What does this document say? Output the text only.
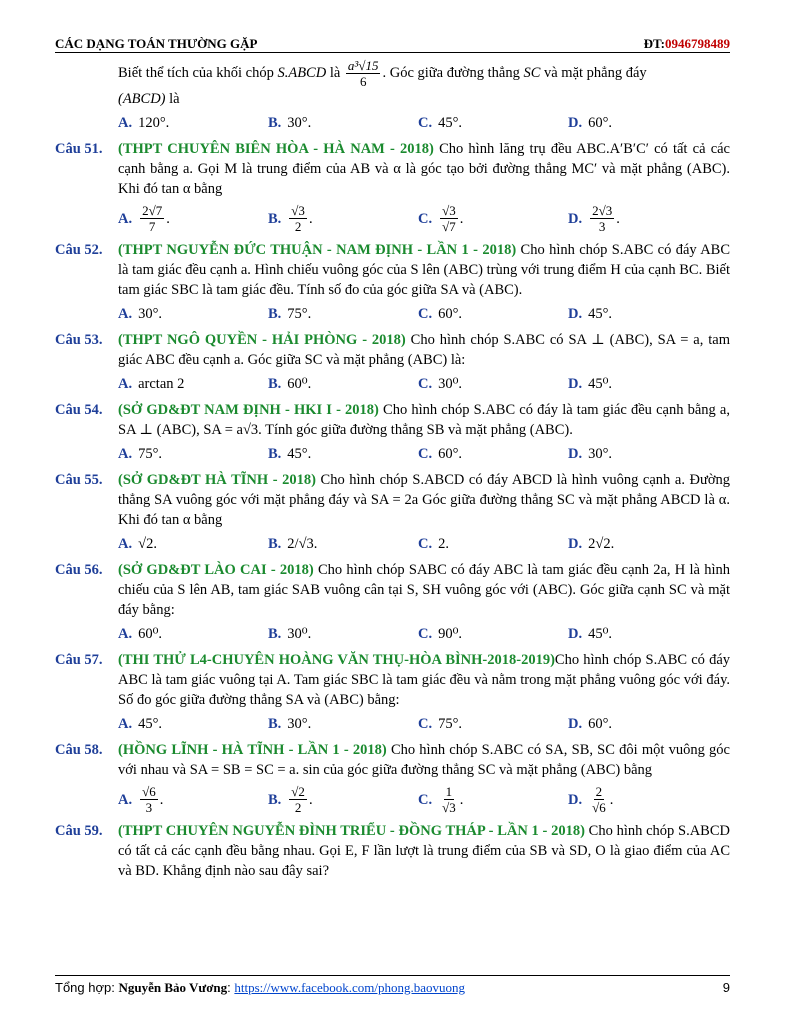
CÁC DẠNG TOÁN THƯỜNG GẶP	ĐT:0946798489
Biết thể tích của khối chóp S.ABCD là $\frac{\text{a³√15}}{6}$ . Góc giữa đường thẳng SC và mặt phẳng đáy
(ABCD) là
A. 120°.	B. 30°.	C. 45°.	D. 60°.
Câu 51. (THPT CHUYÊN BIÊN HÒA - HÀ NAM - 2018) Cho hình lăng trụ đều ABC.A′B′C′ có tất cả các cạnh bằng a. Gọi M là trung điểm của AB và α là góc tạo bởi đường thẳng MC′ và mặt phẳng (ABC). Khi đó tan α bằng
A. $\frac{2√7}{7}$ .	B. $\frac{√3}{2}$ .	C. $\frac{√3}{√7}$ .	D. $\frac{2√3}{3}$ .
Câu 52. (THPT NGUYỄN ĐỨC THUẬN - NAM ĐỊNH - LẦN 1 - 2018) Cho hình chóp S.ABC có đáy ABC là tam giác đều cạnh a. Hình chiếu vuông góc của S lên (ABC) trùng với trung điểm H của cạnh BC. Biết tam giác SBC là tam giác đều. Tính số đo của góc giữa SA và (ABC).
A. 30°.	B. 75°.	C. 60°.	D. 45°.
Câu 53. (THPT NGÔ QUYỀN - HẢI PHÒNG - 2018) Cho hình chóp S.ABC có SA ⊥ (ABC), SA = a, tam giác ABC đều cạnh a. Góc giữa SC và mặt phẳng (ABC) là:
A. arctan 2	B. 60⁰.	C. 30⁰.	D. 45⁰.
Câu 54. (SỞ GD&ĐT NAM ĐỊNH - HKI I - 2018) Cho hình chóp S.ABC có đáy là tam giác đều cạnh bằng a, SA ⊥ (ABC), SA = a√3. Tính góc giữa đường thẳng SB và mặt phẳng (ABC).
A. 75°.	B. 45°.	C. 60°.	D. 30°.
Câu 55. (SỞ GD&ĐT HÀ TĨNH - 2018) Cho hình chóp S.ABCD có đáy ABCD là hình vuông cạnh a. Đường thẳng SA vuông góc với mặt phẳng đáy và SA = 2a Góc giữa đường thẳng SC và mặt phẳng ABCD là α. Khi đó tan α bằng
A. √2.	B. 2/√3.	C. 2.	D. 2√2.
Câu 56. (SỞ GD&ĐT LÀO CAI - 2018) Cho hình chóp SABC có đáy ABC là tam giác đều cạnh 2a, H là hình chiếu của S lên AB, tam giác SAB vuông cân tại S, SH vuông góc với (ABC). Góc giữa cạnh SC và mặt đáy bằng:
A. 60⁰.	B. 30⁰.	C. 90⁰.	D. 45⁰.
Câu 57. (THI THỬ L4-CHUYÊN HOÀNG VĂN THỤ-HÒA BÌNH-2018-2019)Cho hình chóp S.ABC có đáy ABC là tam giác vuông tại A. Tam giác SBC là tam giác đều và nằm trong mặt phẳng vuông góc với đáy. Số đo góc giữa đường thẳng SA và (ABC) bằng:
A. 45°.	B. 30°.	C. 75°.	D. 60°.
Câu 58. (HỒNG LĨNH - HÀ TĨNH - LẦN 1 - 2018) Cho hình chóp S.ABC có SA, SB, SC đôi một vuông góc với nhau và SA = SB = SC = a. sin của góc giữa đường thẳng SC và mặt phẳng (ABC) bằng
A. $\frac{√6}{3}$ .	B. $\frac{√2}{2}$ .	C. $\frac{1}{√3}$ .	D. $\frac{2}{√6}$ .
Câu 59. (THPT CHUYÊN NGUYỄN ĐÌNH TRIỂU - ĐỒNG THÁP - LẦN 1 - 2018) Cho hình chóp S.ABCD có tất cả các cạnh đều bằng nhau. Gọi E, F lần lượt là trung điểm của SB và SD, O là giao điểm của AC và BD. Khẳng định nào sau đây sai?
Tổng hợp: Nguyễn Bảo Vương: https://www.facebook.com/phong.baovuong	9
